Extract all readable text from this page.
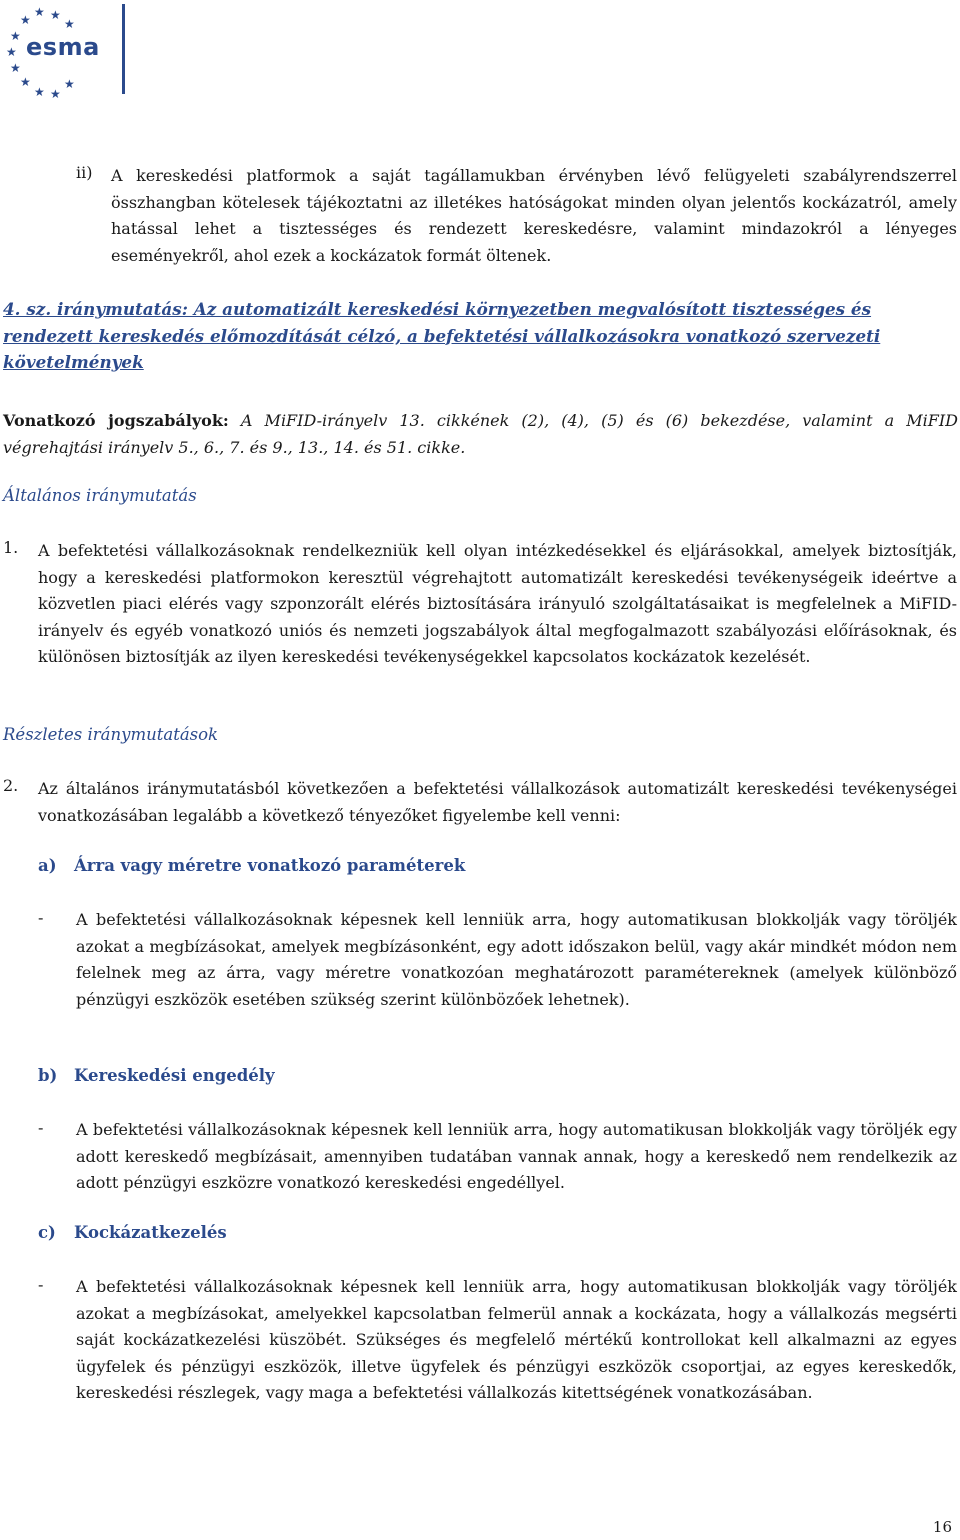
★ ★
★
★
★
★
★
★
★ ★
★
esma
ii) A kereskedési platformok a saját tagállamukban érvényben lévő felügyeleti szabályrendszerrel összhangban kötelesek tájékoztatni az illetékes hatóságokat minden olyan jelentős kockázatról, amely hatással lehet a tisztességes és rendezett kereskedésre, valamint mindazokról a lényeges eseményekről, ahol ezek a kockázatok formát öltenek.
4. sz. iránymutatás: Az automatizált kereskedési környezetben megvalósított tisztességes és rendezett kereskedés előmozdítását célzó, a befektetési vállalkozásokra vonatkozó szervezeti követelmények
Vonatkozó jogszabályok: A MiFID-irányelv 13. cikkének (2), (4), (5) és (6) bekezdése, valamint a MiFID végrehajtási irányelv 5., 6., 7. és 9., 13., 14. és 51. cikke.
Általános iránymutatás
1. A befektetési vállalkozásoknak rendelkezniük kell olyan intézkedésekkel és eljárásokkal, amelyek biztosítják, hogy a kereskedési platformokon keresztül végrehajtott automatizált kereskedési tevékenységeik ideértve a közvetlen piaci elérés vagy szponzorált elérés biztosítására irányuló szolgáltatásaikat is megfelelnek a MiFID-irányelv és egyéb vonatkozó uniós és nemzeti jogszabályok által megfogalmazott szabályozási előírásoknak, és különösen biztosítják az ilyen kereskedési tevékenységekkel kapcsolatos kockázatok kezelését.
Részletes iránymutatások
2. Az általános iránymutatásból következően a befektetési vállalkozások automatizált kereskedési tevékenységei vonatkozásában legalább a következő tényezőket figyelembe kell venni:
a) Árra vagy méretre vonatkozó paraméterek
- A befektetési vállalkozásoknak képesnek kell lenniük arra, hogy automatikusan blokkolják vagy töröljék azokat a megbízásokat, amelyek megbízásonként, egy adott időszakon belül, vagy akár mindkét módon nem felelnek meg az árra, vagy méretre vonatkozóan meghatározott paramétereknek (amelyek különböző pénzügyi eszközök esetében szükség szerint különbözőek lehetnek).
b) Kereskedési engedély
- A befektetési vállalkozásoknak képesnek kell lenniük arra, hogy automatikusan blokkolják vagy töröljék egy adott kereskedő megbízásait, amennyiben tudatában vannak annak, hogy a kereskedő nem rendelkezik az adott pénzügyi eszközre vonatkozó kereskedési engedéllyel.
c) Kockázatkezelés
- A befektetési vállalkozásoknak képesnek kell lenniük arra, hogy automatikusan blokkolják vagy töröljék azokat a megbízásokat, amelyekkel kapcsolatban felmerül annak a kockázata, hogy a vállalkozás megsérti saját kockázatkezelési küszöbét. Szükséges és megfelelő mértékű kontrollokat kell alkalmazni az egyes ügyfelek és pénzügyi eszközök, illetve ügyfelek és pénzügyi eszközök csoportjai, az egyes kereskedők, kereskedési részlegek, vagy maga a befektetési vállalkozás kitettségének vonatkozásában.
16
